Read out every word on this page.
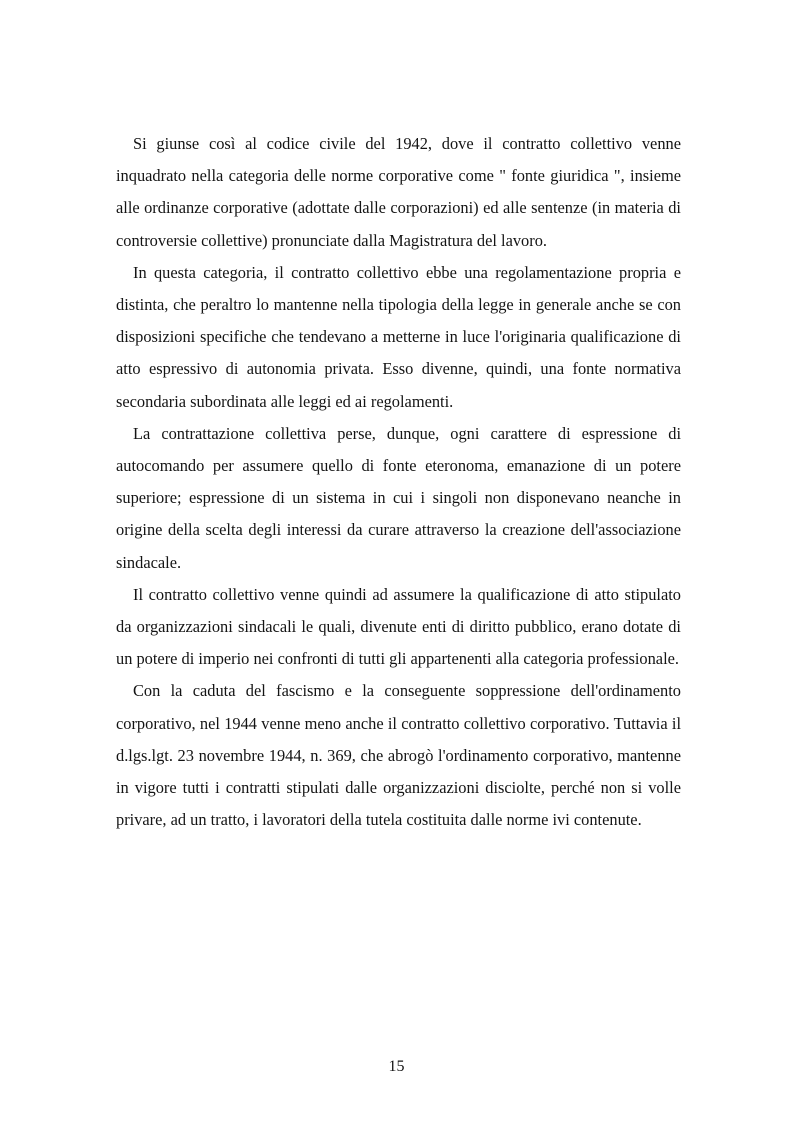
Si giunse così al codice civile del 1942, dove il contratto collettivo venne inquadrato nella categoria delle norme corporative come " fonte giuridica ", insieme alle ordinanze corporative (adottate dalle corporazioni) ed alle sentenze (in materia di controversie collettive) pronunciate dalla Magistratura del lavoro.

In questa categoria, il contratto collettivo ebbe una regolamentazione propria e distinta, che peraltro lo mantenne nella tipologia della legge in generale anche se con disposizioni specifiche che tendevano a metterne in luce l'originaria qualificazione di atto espressivo di autonomia privata. Esso divenne, quindi, una fonte normativa secondaria subordinata alle leggi ed ai regolamenti.

La contrattazione collettiva perse, dunque, ogni carattere di espressione di autocomando per assumere quello di fonte eteronoma, emanazione di un potere superiore; espressione di un sistema in cui i singoli non disponevano neanche in origine della scelta degli interessi da curare attraverso la creazione dell'associazione sindacale.

Il contratto collettivo venne quindi ad assumere la qualificazione di atto stipulato da organizzazioni sindacali le quali, divenute enti di diritto pubblico, erano dotate di un potere di imperio nei confronti di tutti gli appartenenti alla categoria professionale.

Con la caduta del fascismo e la conseguente soppressione dell'ordinamento corporativo, nel 1944 venne meno anche il contratto collettivo corporativo. Tuttavia il d.lgs.lgt. 23 novembre 1944, n. 369, che abrogò l'ordinamento corporativo, mantenne in vigore tutti i contratti stipulati dalle organizzazioni disciolte, perché non si volle privare, ad un tratto, i lavoratori della tutela costituita dalle norme ivi contenute.

15
